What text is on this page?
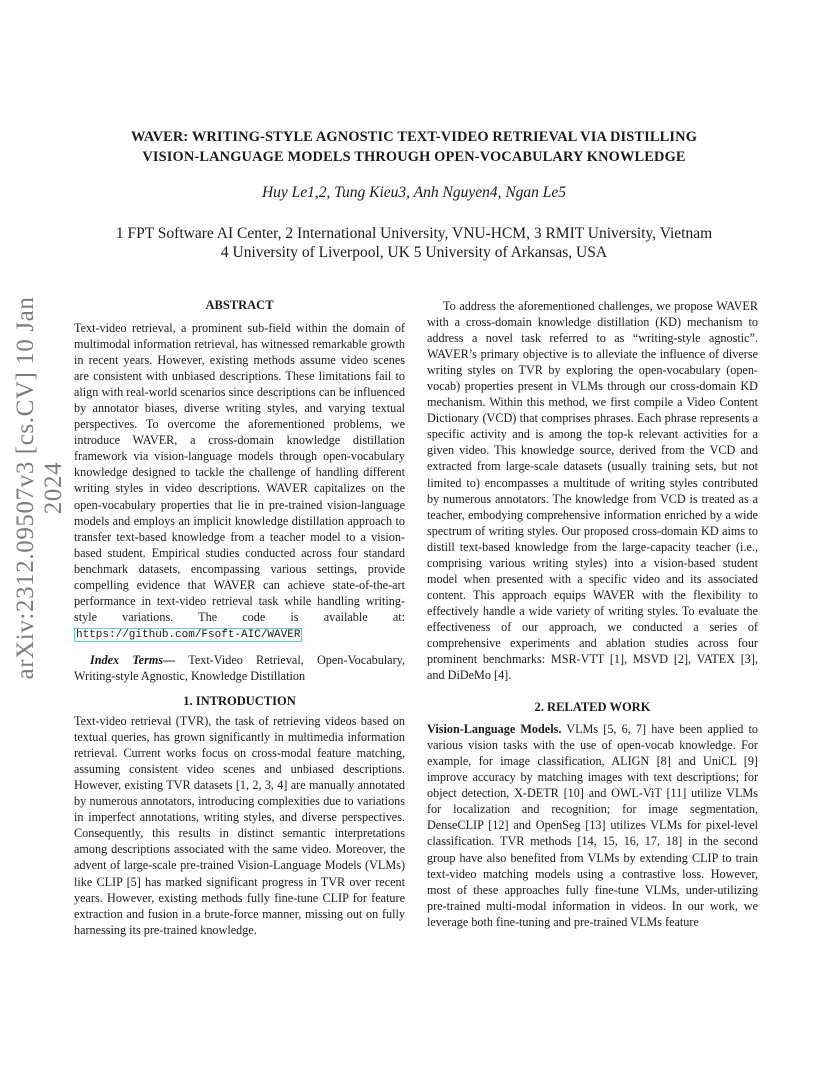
arXiv:2312.09507v3 [cs.CV] 10 Jan 2024
WAVER: WRITING-STYLE AGNOSTIC TEXT-VIDEO RETRIEVAL VIA DISTILLING
VISION-LANGUAGE MODELS THROUGH OPEN-VOCABULARY KNOWLEDGE
Huy Le1,2, Tung Kieu3, Anh Nguyen4, Ngan Le5
1 FPT Software AI Center, 2 International University, VNU-HCM, 3 RMIT University, Vietnam
4 University of Liverpool, UK 5 University of Arkansas, USA
ABSTRACT
Text-video retrieval, a prominent sub-field within the domain of multimodal information retrieval, has witnessed remarkable growth in recent years. However, existing methods assume video scenes are consistent with unbiased descriptions. These limitations fail to align with real-world scenarios since descriptions can be influenced by annotator biases, diverse writing styles, and varying textual perspectives. To overcome the aforementioned problems, we introduce WAVER, a cross-domain knowledge distillation framework via vision-language models through open-vocabulary knowledge designed to tackle the challenge of handling different writing styles in video descriptions. WAVER capitalizes on the open-vocabulary properties that lie in pre-trained vision-language models and employs an implicit knowledge distillation approach to transfer text-based knowledge from a teacher model to a vision-based student. Empirical studies conducted across four standard benchmark datasets, encompassing various settings, provide compelling evidence that WAVER can achieve state-of-the-art performance in text-video retrieval task while handling writing-style variations. The code is available at: https://github.com/Fsoft-AIC/WAVER
Index Terms— Text-Video Retrieval, Open-Vocabulary, Writing-style Agnostic, Knowledge Distillation
1. INTRODUCTION
Text-video retrieval (TVR), the task of retrieving videos based on textual queries, has grown significantly in multimedia information retrieval. Current works focus on cross-modal feature matching, assuming consistent video scenes and unbiased descriptions. However, existing TVR datasets [1, 2, 3, 4] are manually annotated by numerous annotators, introducing complexities due to variations in imperfect annotations, writing styles, and diverse perspectives. Consequently, this results in distinct semantic interpretations among descriptions associated with the same video. Moreover, the advent of large-scale pre-trained Vision-Language Models (VLMs) like CLIP [5] has marked significant progress in TVR over recent years. However, existing methods fully fine-tune CLIP for feature extraction and fusion in a brute-force manner, missing out on fully harnessing its pre-trained knowledge.
To address the aforementioned challenges, we propose WAVER with a cross-domain knowledge distillation (KD) mechanism to address a novel task referred to as “writing-style agnostic”. WAVER’s primary objective is to alleviate the influence of diverse writing styles on TVR by exploring the open-vocabulary (open-vocab) properties present in VLMs through our cross-domain KD mechanism. Within this method, we first compile a Video Content Dictionary (VCD) that comprises phrases. Each phrase represents a specific activity and is among the top-k relevant activities for a given video. This knowledge source, derived from the VCD and extracted from large-scale datasets (usually training sets, but not limited to) encompasses a multitude of writing styles contributed by numerous annotators. The knowledge from VCD is treated as a teacher, embodying comprehensive information enriched by a wide spectrum of writing styles. Our proposed cross-domain KD aims to distill text-based knowledge from the large-capacity teacher (i.e., comprising various writing styles) into a vision-based student model when presented with a specific video and its associated content. This approach equips WAVER with the flexibility to effectively handle a wide variety of writing styles. To evaluate the effectiveness of our approach, we conducted a series of comprehensive experiments and ablation studies across four prominent benchmarks: MSR-VTT [1], MSVD [2], VATEX [3], and DiDeMo [4].
2. RELATED WORK
Vision-Language Models. VLMs [5, 6, 7] have been applied to various vision tasks with the use of open-vocab knowledge. For example, for image classification, ALIGN [8] and UniCL [9] improve accuracy by matching images with text descriptions; for object detection, X-DETR [10] and OWL-ViT [11] utilize VLMs for localization and recognition; for image segmentation, DenseCLIP [12] and OpenSeg [13] utilizes VLMs for pixel-level classification. TVR methods [14, 15, 16, 17, 18] in the second group have also benefited from VLMs by extending CLIP to train text-video matching models using a contrastive loss. However, most of these approaches fully fine-tune VLMs, under-utilizing pre-trained multi-modal information in videos. In our work, we leverage both fine-tuning and pre-trained VLMs feature
